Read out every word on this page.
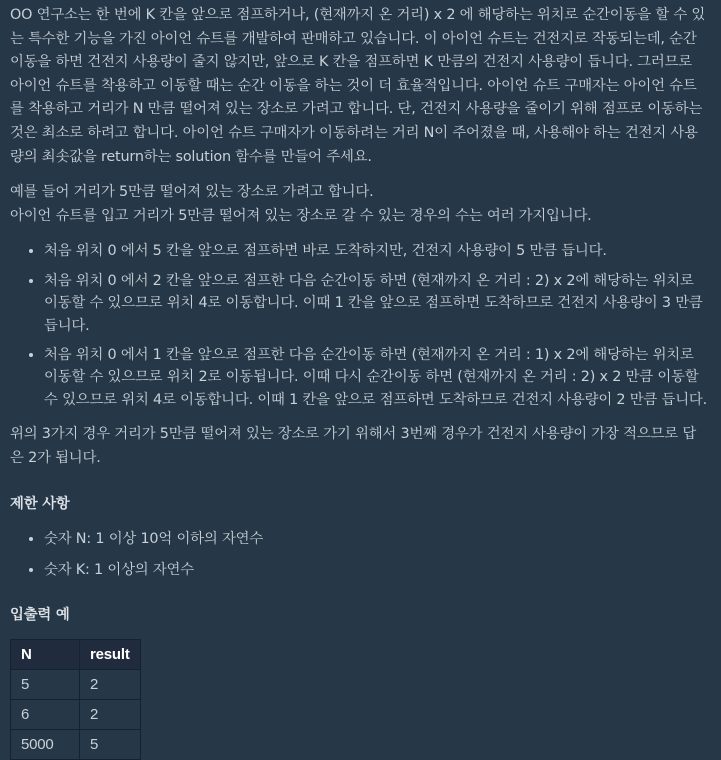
OO 연구소는 한 번에 K 칸을 앞으로 점프하거나, (현재까지 온 거리) x 2 에 해당하는 위치로 순간이동을 할 수 있는 특수한 기능을 가진 아이언 슈트를 개발하여 판매하고 있습니다. 이 아이언 슈트는 건전지로 작동되는데, 순간이동을 하면 건전지 사용량이 줄지 않지만, 앞으로 K 칸을 점프하면 K 만큼의 건전지 사용량이 듭니다. 그러므로 아이언 슈트를 착용하고 이동할 때는 순간 이동을 하는 것이 더 효율적입니다. 아이언 슈트 구매자는 아이언 슈트를 착용하고 거리가 N 만큼 떨어져 있는 장소로 가려고 합니다. 단, 건전지 사용량을 줄이기 위해 점프로 이동하는 것은 최소로 하려고 합니다. 아이언 슈트 구매자가 이동하려는 거리 N이 주어졌을 때, 사용해야 하는 건전지 사용량의 최솟값을 return하는 solution 함수를 만들어 주세요.

예를 들어 거리가 5만큼 떨어져 있는 장소로 가려고 합니다.
아이언 슈트를 입고 거리가 5만큼 떨어져 있는 장소로 갈 수 있는 경우의 수는 여러 가지입니다.

• 처음 위치 0 에서 5 칸을 앞으로 점프하면 바로 도착하지만, 건전지 사용량이 5 만큼 듭니다.
• 처음 위치 0 에서 2 칸을 앞으로 점프한 다음 순간이동 하면 (현재까지 온 거리 : 2) x 2에 해당하는 위치로 이동할 수 있으므로 위치 4로 이동합니다. 이때 1 칸을 앞으로 점프하면 도착하므로 건전지 사용량이 3 만큼 듭니다.
• 처음 위치 0 에서 1 칸을 앞으로 점프한 다음 순간이동 하면 (현재까지 온 거리 : 1) x 2에 해당하는 위치로 이동할 수 있으므로 위치 2로 이동됩니다. 이때 다시 순간이동 하면 (현재까지 온 거리 : 2) x 2 만큼 이동할 수 있으므로 위치 4로 이동합니다. 이때 1 칸을 앞으로 점프하면 도착하므로 건전지 사용량이 2 만큼 듭니다.

위의 3가지 경우 거리가 5만큼 떨어져 있는 장소로 가기 위해서 3번째 경우가 건전지 사용량이 가장 적으므로 답은 2가 됩니다.

제한 사항
• 숫자 N: 1 이상 10억 이하의 자연수
• 숫자 K: 1 이상의 자연수
입출력 예
N	result
5	2
6	2
5000	5
